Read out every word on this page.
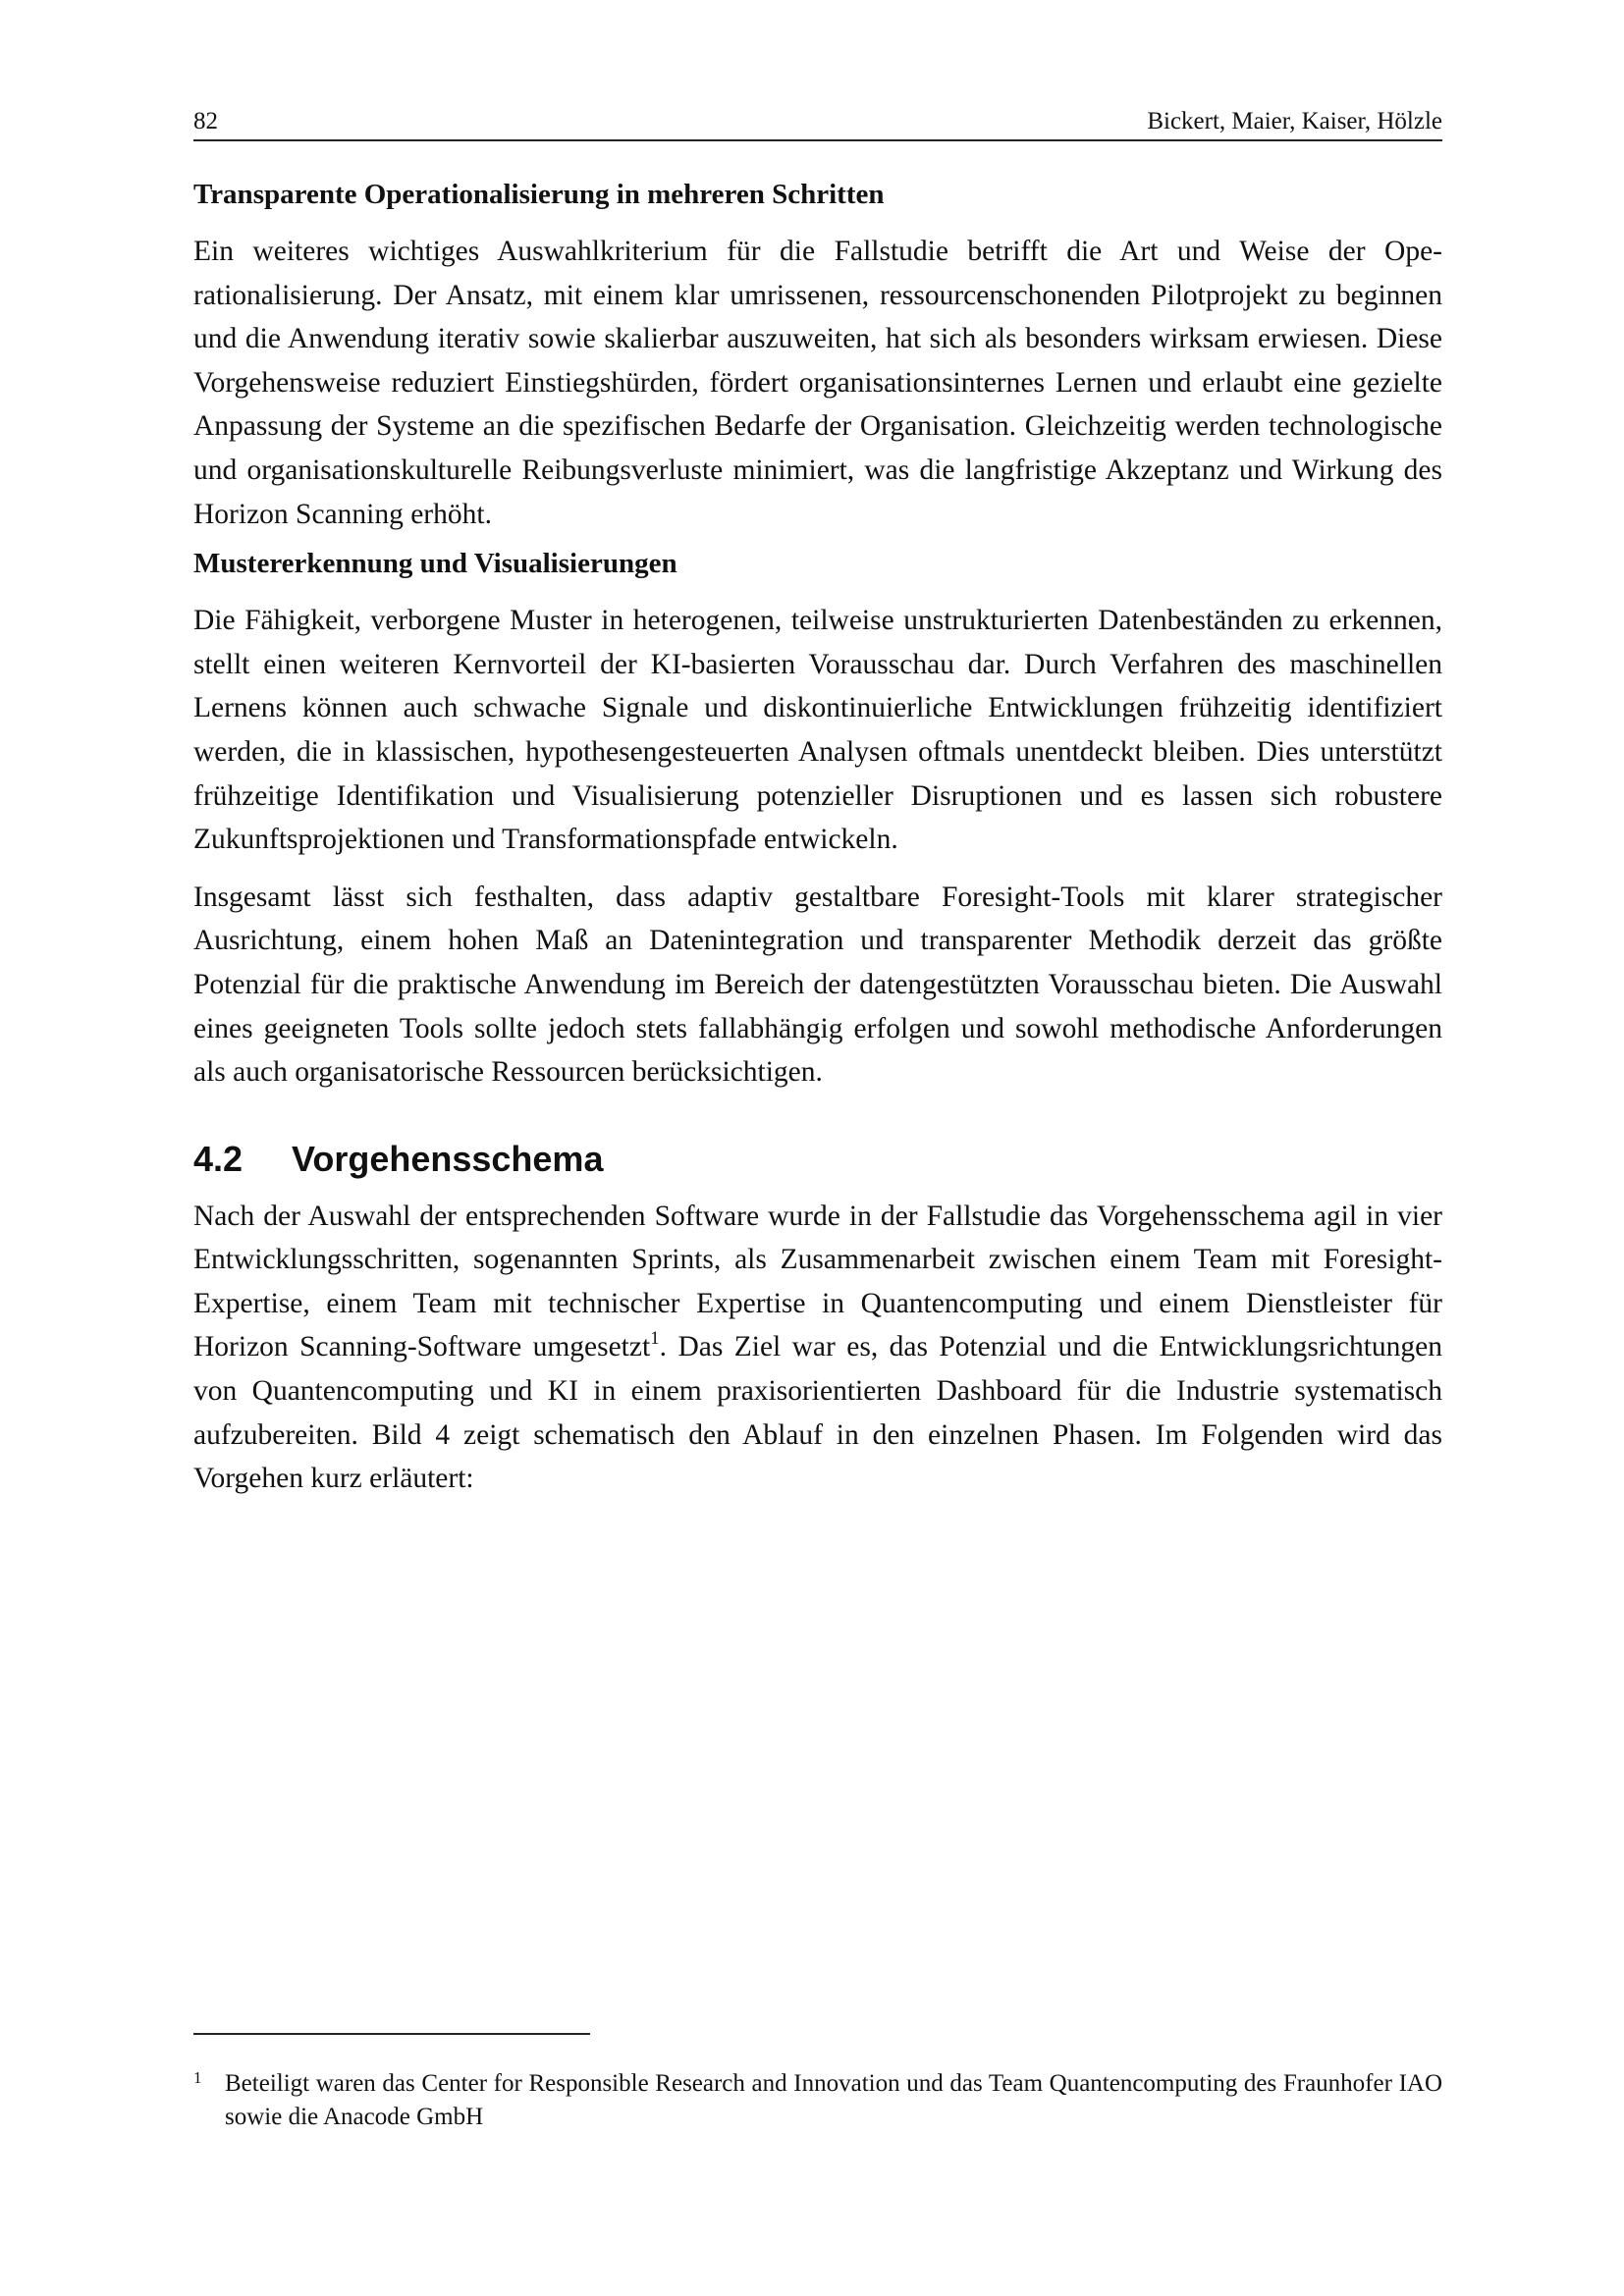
82	Bickert, Maier, Kaiser, Hölzle
Transparente Operationalisierung in mehreren Schritten

Ein weiteres wichtiges Auswahlkriterium für die Fallstudie betrifft die Art und Weise der Operationalisierung. Der Ansatz, mit einem klar umrissenen, ressourcenschonenden Pilotprojekt zu beginnen und die Anwendung iterativ sowie skalierbar auszuweiten, hat sich als besonders wirksam erwiesen. Diese Vorgehensweise reduziert Einstiegshürden, fördert organisationsinternes Lernen und erlaubt eine gezielte Anpassung der Systeme an die spezifischen Bedarfe der Organisation. Gleichzeitig werden technologische und organisationskulturelle Reibungsverluste minimiert, was die langfristige Akzeptanz und Wirkung des Horizon Scanning erhöht.

Mustererkennung und Visualisierungen

Die Fähigkeit, verborgene Muster in heterogenen, teilweise unstrukturierten Datenbeständen zu erkennen, stellt einen weiteren Kernvorteil der KI-basierten Vorausschau dar. Durch Verfahren des maschinellen Lernens können auch schwache Signale und diskontinuierliche Entwicklungen frühzeitig identifiziert werden, die in klassischen, hypothesengesteuerten Analysen oftmals unentdeckt bleiben. Dies unterstützt frühzeitige Identifikation und Visualisierung potenzieller Disruptionen und es lassen sich robustere Zukunftsprojektionen und Transformationspfade entwickeln.

Insgesamt lässt sich festhalten, dass adaptiv gestaltbare Foresight-Tools mit klarer strategischer Ausrichtung, einem hohen Maß an Datenintegration und transparenter Methodik derzeit das größte Potenzial für die praktische Anwendung im Bereich der datengestützten Vorausschau bieten. Die Auswahl eines geeigneten Tools sollte jedoch stets fallabhängig erfolgen und sowohl methodische Anforderungen als auch organisatorische Ressourcen berücksichtigen.

4.2	Vorgehensschema

Nach der Auswahl der entsprechenden Software wurde in der Fallstudie das Vorgehensschema agil in vier Entwicklungsschritten, sogenannten Sprints, als Zusammenarbeit zwischen einem Team mit Foresight-Expertise, einem Team mit technischer Expertise in Quantencomputing und einem Dienstleister für Horizon Scanning-Software umgesetzt$^1$. Das Ziel war es, das Potenzial und die Entwicklungsrichtungen von Quantencomputing und KI in einem praxisorientierten Dashboard für die Industrie systematisch aufzubereiten. Bild 4 zeigt schematisch den Ablauf in den einzelnen Phasen. Im Folgenden wird das Vorgehen kurz erläutert:

1 Beteiligt waren das Center for Responsible Research and Innovation und das Team Quantencomputing des Fraunhofer IAO sowie die Anacode GmbH
